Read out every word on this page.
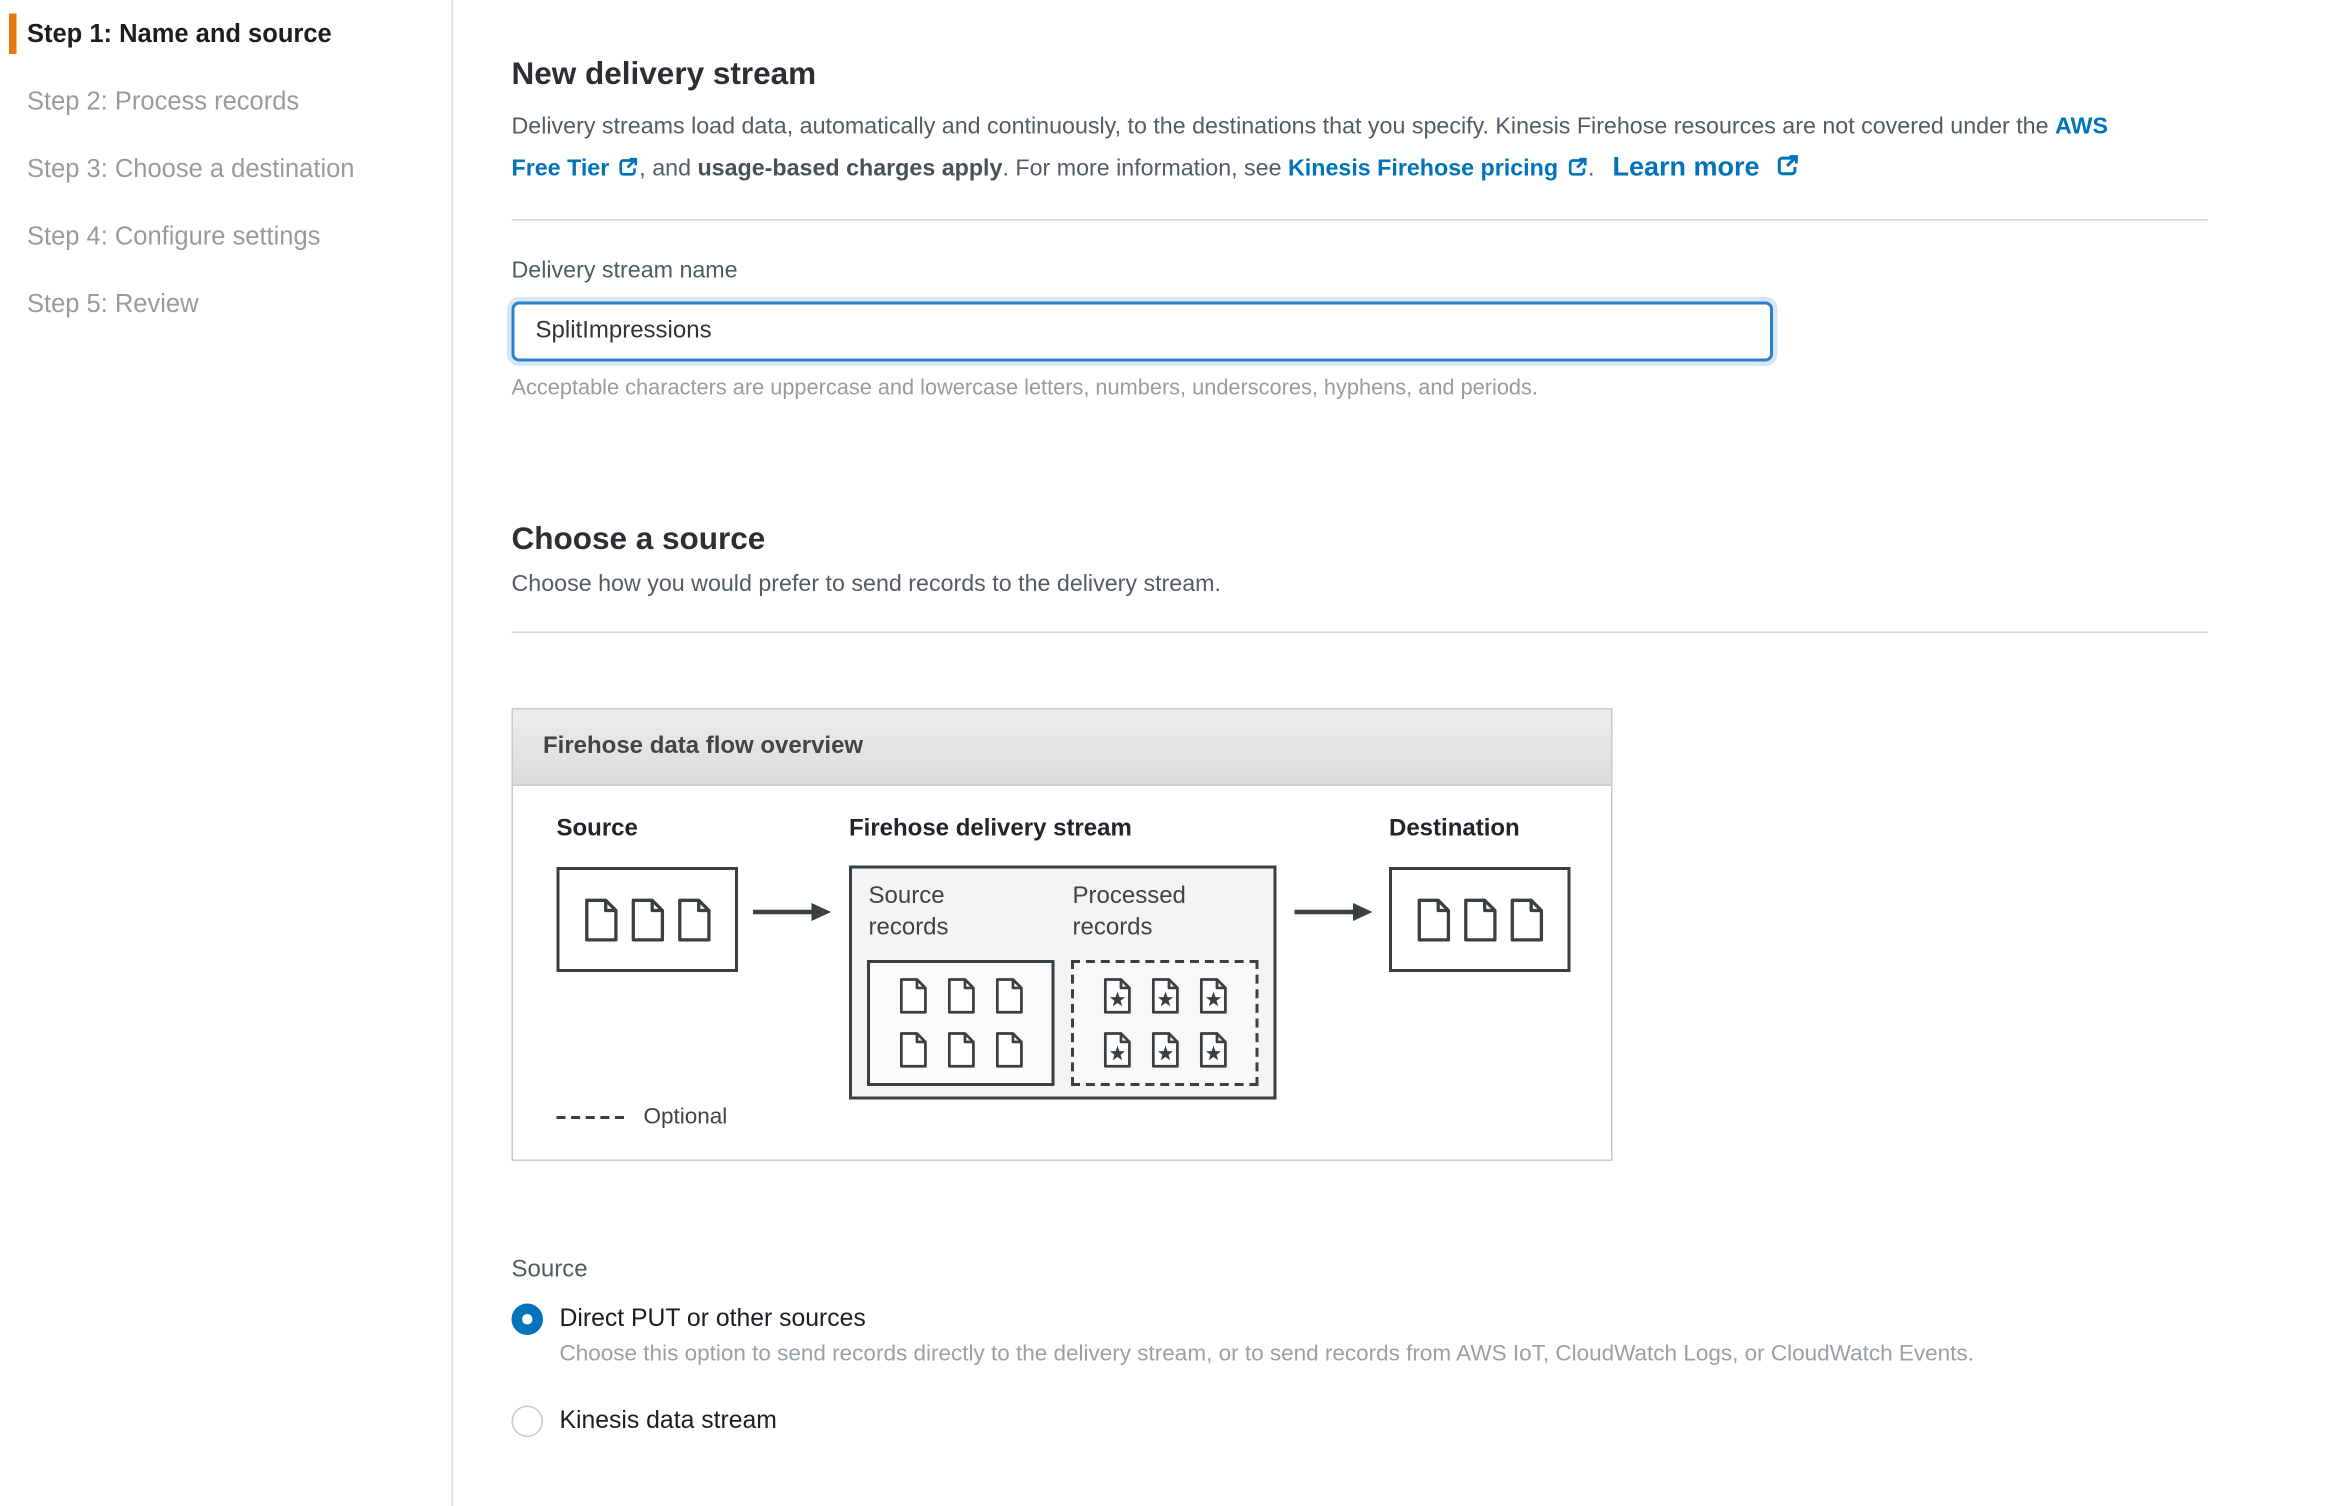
Step 1: Name and source
Step 2: Process records
Step 3: Choose a destination
Step 4: Configure settings
Step 5: Review
New delivery stream

Delivery streams load data, automatically and continuously, to the destinations that you specify. Kinesis Firehose resources are not covered under the AWS
Free Tier , and usage-based charges apply. For more information, see Kinesis Firehose pricing . Learn more

Delivery stream name
SplitImpressions
Acceptable characters are uppercase and lowercase letters, numbers, underscores, hyphens, and periods.
Choose a source
Choose how you would prefer to send records to the delivery stream.
Firehose data flow overview
Source	Firehose delivery stream	Destination
Source records
Processed records
Optional
Source
Direct PUT or other sources
Choose this option to send records directly to the delivery stream, or to send records from AWS IoT, CloudWatch Logs, or CloudWatch Events.
Kinesis data stream
